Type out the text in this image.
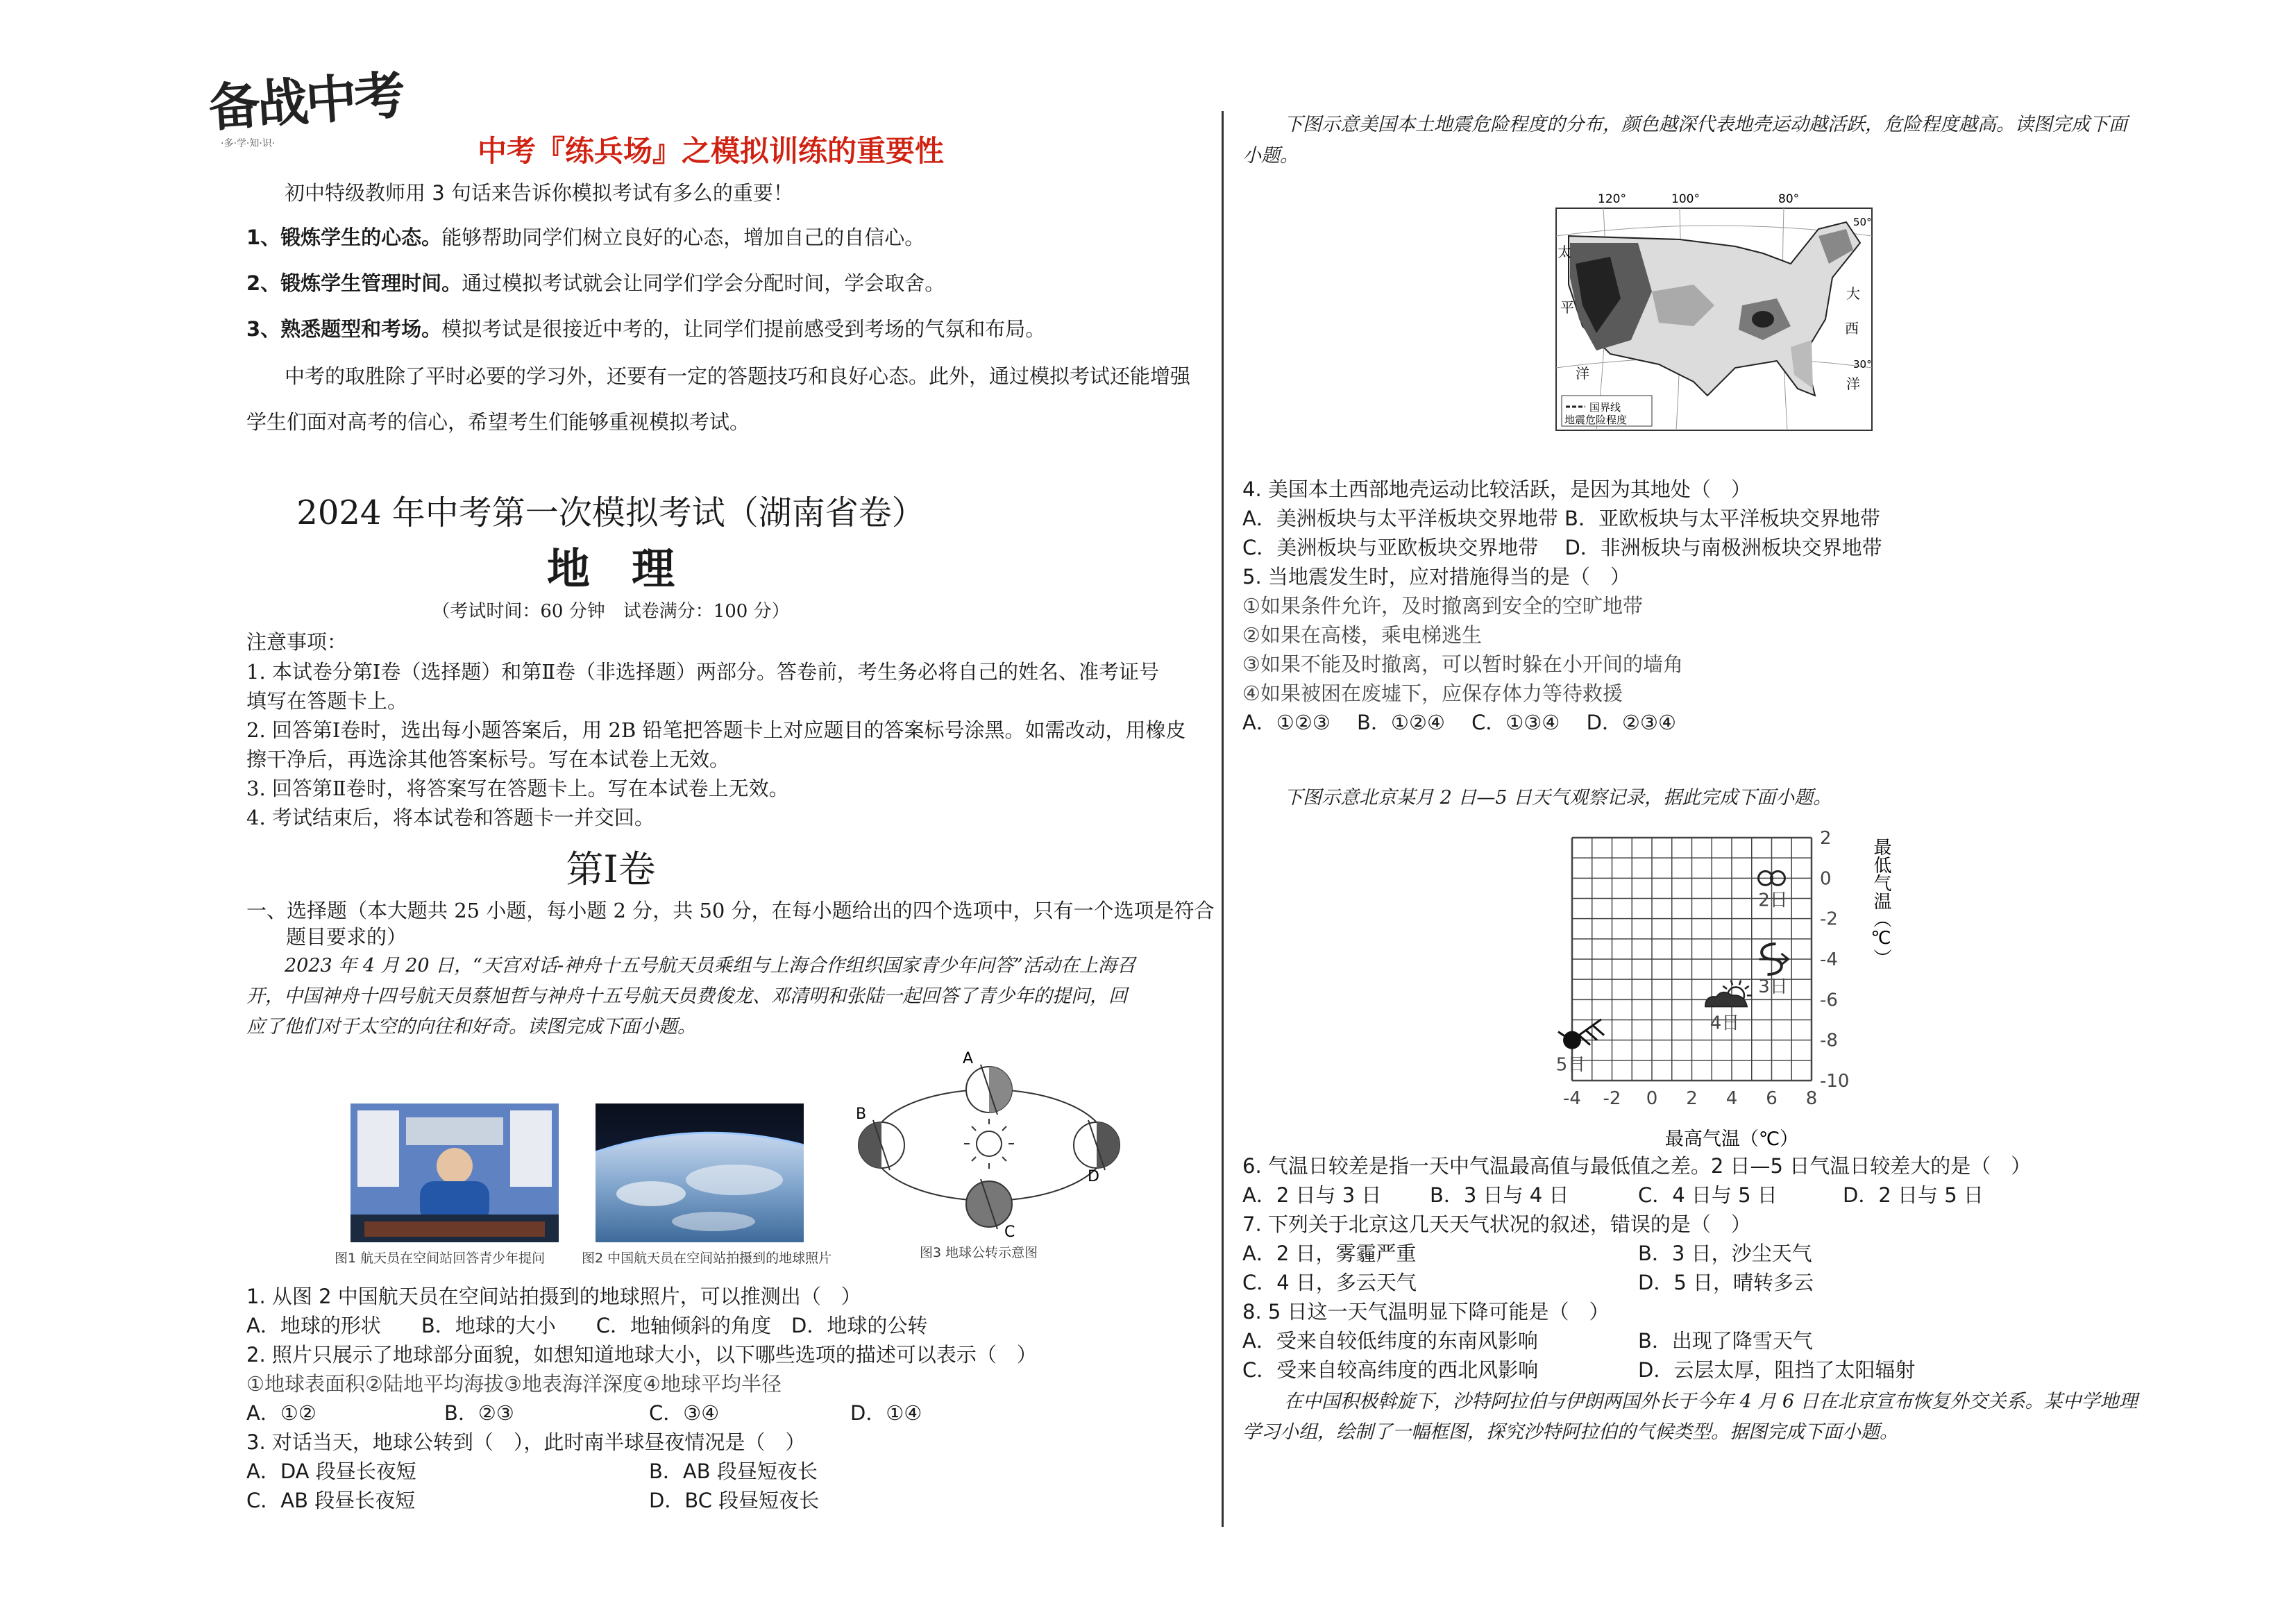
备战中考
·多·学·知·识·	中考『练兵场』之模拟训练的重要性
初中特级教师用 3 句话来告诉你模拟考试有多么的重要！
1、锻炼学生的心态。能够帮助同学们树立良好的心态，增加自己的自信心。
2、锻炼学生管理时间。通过模拟考试就会让同学们学会分配时间，学会取舍。
3、熟悉题型和考场。模拟考试是很接近中考的，让同学们提前感受到考场的气氛和布局。
中考的取胜除了平时必要的学习外，还要有一定的答题技巧和良好心态。此外，通过模拟考试还能增强
学生们面对高考的信心，希望考生们能够重视模拟考试。
2024 年中考第一次模拟考试（湖南省卷）
地理
（考试时间：60 分钟　试卷满分：100 分）
注意事项：
1. 本试卷分第Ⅰ卷（选择题）和第Ⅱ卷（非选择题）两部分。答卷前，考生务必将自己的姓名、准考证号
填写在答题卡上。
2. 回答第Ⅰ卷时，选出每小题答案后，用 2B 铅笔把答题卡上对应题目的答案标号涂黑。如需改动，用橡皮
擦干净后，再选涂其他答案标号。写在本试卷上无效。
3. 回答第Ⅱ卷时，将答案写在答题卡上。写在本试卷上无效。
4. 考试结束后，将本试卷和答题卡一并交回。
第Ⅰ卷
一、选择题（本大题共 25 小题，每小题 2 分，共 50 分，在每小题给出的四个选项中，只有一个选项是符合
题目要求的）
2023 年 4 月 20 日，“天宫对话-神舟十五号航天员乘组与上海合作组织国家青少年问答”活动在上海召
开，中国神舟十四号航天员蔡旭哲与神舟十五号航天员费俊龙、邓清明和张陆一起回答了青少年的提问，回
应了他们对于太空的向往和好奇。读图完成下面小题。
A
B
C
D
图1 航天员在空间站回答青少年提问	图2 中国航天员在空间站拍摄到的地球照片	图3 地球公转示意图
1. 从图 2 中国航天员在空间站拍摄到的地球照片，可以推测出（　）
A．地球的形状　　B．地球的大小　　C．地轴倾斜的角度　D．地球的公转
2. 照片只展示了地球部分面貌，如想知道地球大小，以下哪些选项的描述可以表示（　）
①地球表面积②陆地平均海拔③地表海洋深度④地球平均半径
A．①②	B．②③	C．③④	D．①④
3. 对话当天，地球公转到（　），此时南半球昼夜情况是（　）
A．DA 段昼长夜短	B．AB 段昼短夜长
C．AB 段昼长夜短	D．BC 段昼短夜长
下图示意美国本土地震危险程度的分布，颜色越深代表地壳运动越活跃，危险程度越高。读图完成下面
小题。
国界线
地震危险程度
120°	100°	80°
50°
30°
太
平
洋
大
西
洋
4. 美国本土西部地壳运动比较活跃，是因为其地处（　）
A．美洲板块与太平洋板块交界地带 B．亚欧板块与太平洋板块交界地带
C．美洲板块与亚欧板块交界地带　 D．非洲板块与南极洲板块交界地带
5. 当地震发生时，应对措施得当的是（　）
①如果条件允许，及时撤离到安全的空旷地带
②如果在高楼，乘电梯逃生
③如果不能及时撤离，可以暂时躲在小开间的墙角
④如果被困在废墟下，应保存体力等待救援
A．①②③　 B．①②④　 C．①③④　 D．②③④
下图示意北京某月 2 日—5 日天气观察记录，据此完成下面小题。
-4 -2 0 2 4 6 8
2
0
-2
-4
-6
-8
-10
2日
3日
4日
5日
最低气温（℃）
最高气温（℃）
6. 气温日较差是指一天中气温最高值与最低值之差。2 日—5 日气温日较差大的是（　）
A．2 日与 3 日 B．3 日与 4 日	C．4 日与 5 日	D．2 日与 5 日
7. 下列关于北京这几天天气状况的叙述，错误的是（　）
A．2 日，雾霾严重	B．3 日，沙尘天气
C．4 日，多云天气	D．5 日，晴转多云
8. 5 日这一天气温明显下降可能是（　）
A．受来自较低纬度的东南风影响	B．出现了降雪天气
C．受来自较高纬度的西北风影响	D．云层太厚，阻挡了太阳辐射
在中国积极斡旋下，沙特阿拉伯与伊朗两国外长于今年 4 月 6 日在北京宣布恢复外交关系。某中学地理
学习小组，绘制了一幅框图，探究沙特阿拉伯的气候类型。据图完成下面小题。
